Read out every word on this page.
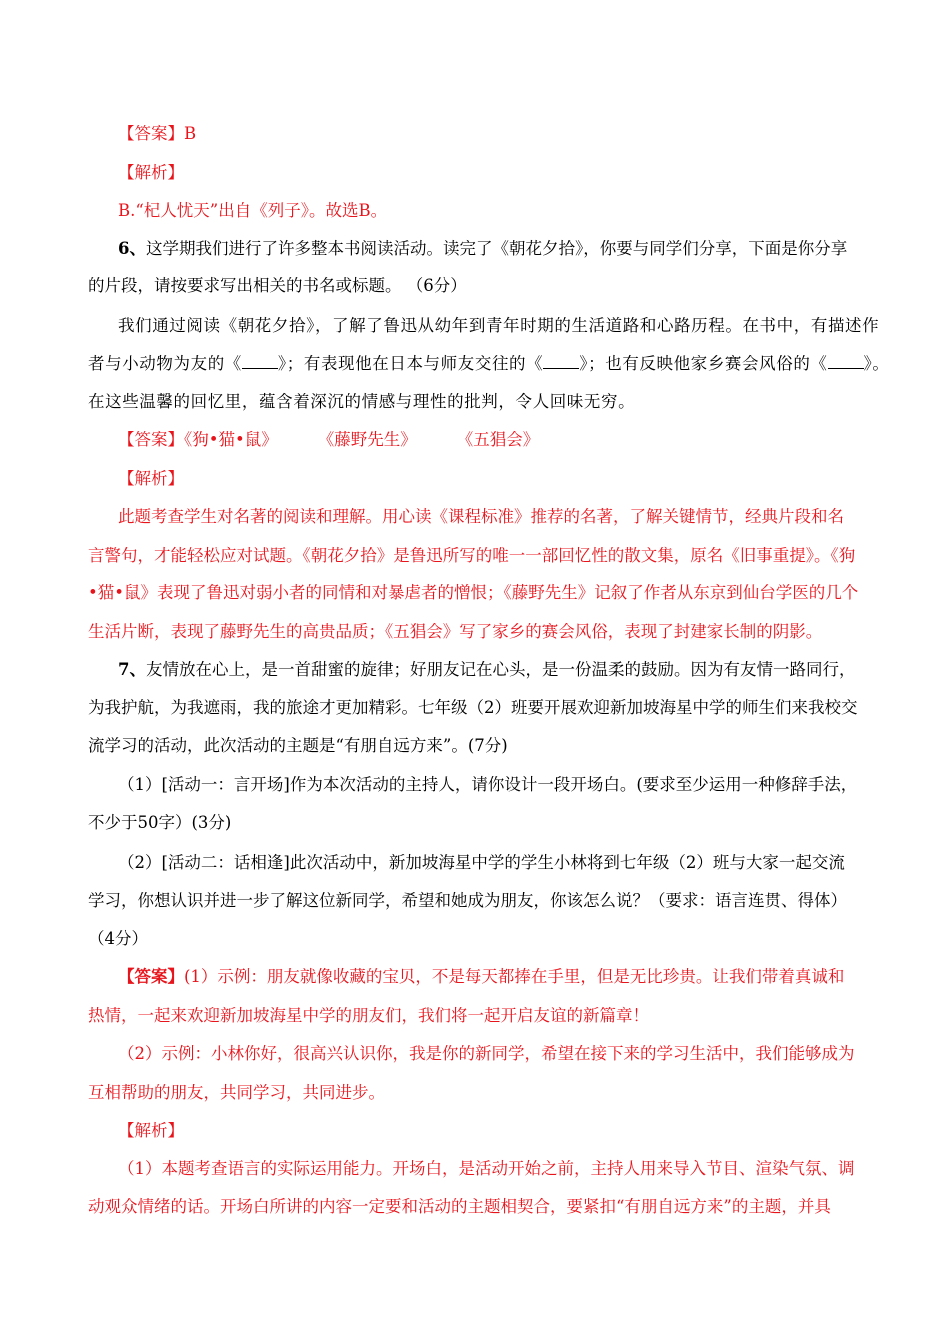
【答案】B
【解析】
B.“杞人忧天”出自《列子》。故选B。
6、这学期我们进行了许多整本书阅读活动。读完了《朝花夕拾》，你要与同学们分享，下面是你分享
的片段，请按要求写出相关的书名或标题。 （6分）
我们通过阅读《朝花夕拾》，了解了鲁迅从幼年到青年时期的生活道路和心路历程。在书中，有描述作
者与小动物为友的《 》；有表现他在日本与师友交往的《 》；也有反映他家乡赛会风俗的《 》。
在这些温馨的回忆里，蕴含着深沉的情感与理性的批判，令人回味无穷。
【答案】《狗•猫•鼠》 《藤野先生》 《五猖会》
【解析】
此题考查学生对名著的阅读和理解。用心读《课程标准》推荐的名著，了解关键情节，经典片段和名
言警句，才能轻松应对试题。《朝花夕拾》是鲁迅所写的唯一一部回忆性的散文集，原名《旧事重提》。《狗
•猫•鼠》表现了鲁迅对弱小者的同情和对暴虐者的憎恨；《藤野先生》记叙了作者从东京到仙台学医的几个
生活片断，表现了藤野先生的高贵品质；《五猖会》写了家乡的赛会风俗，表现了封建家长制的阴影。
7、友情放在心上，是一首甜蜜的旋律；好朋友记在心头，是一份温柔的鼓励。因为有友情一路同行，
为我护航，为我遮雨，我的旅途才更加精彩。七年级（2）班要开展欢迎新加坡海星中学的师生们来我校交
流学习的活动，此次活动的主题是“有朋自远方来”。(7分)
（1）[活动一：言开场]作为本次活动的主持人，请你设计一段开场白。(要求至少运用一种修辞手法，
不少于50字）(3分)
（2）[活动二：话相逢]此次活动中，新加坡海星中学的学生小林将到七年级（2）班与大家一起交流
学习，你想认识并进一步了解这位新同学，希望和她成为朋友，你该怎么说？（要求：语言连贯、得体）
（4分）
【答案】(1）示例：朋友就像收藏的宝贝，不是每天都捧在手里，但是无比珍贵。让我们带着真诚和
热情，一起来欢迎新加坡海星中学的朋友们，我们将一起开启友谊的新篇章！
（2）示例：小林你好，很高兴认识你，我是你的新同学，希望在接下来的学习生活中，我们能够成为
互相帮助的朋友，共同学习，共同进步。
【解析】
（1）本题考查语言的实际运用能力。开场白，是活动开始之前，主持人用来导入节目、渲染气氛、调
动观众情绪的话。开场白所讲的内容一定要和活动的主题相契合，要紧扣“有朋自远方来”的主题，并具
